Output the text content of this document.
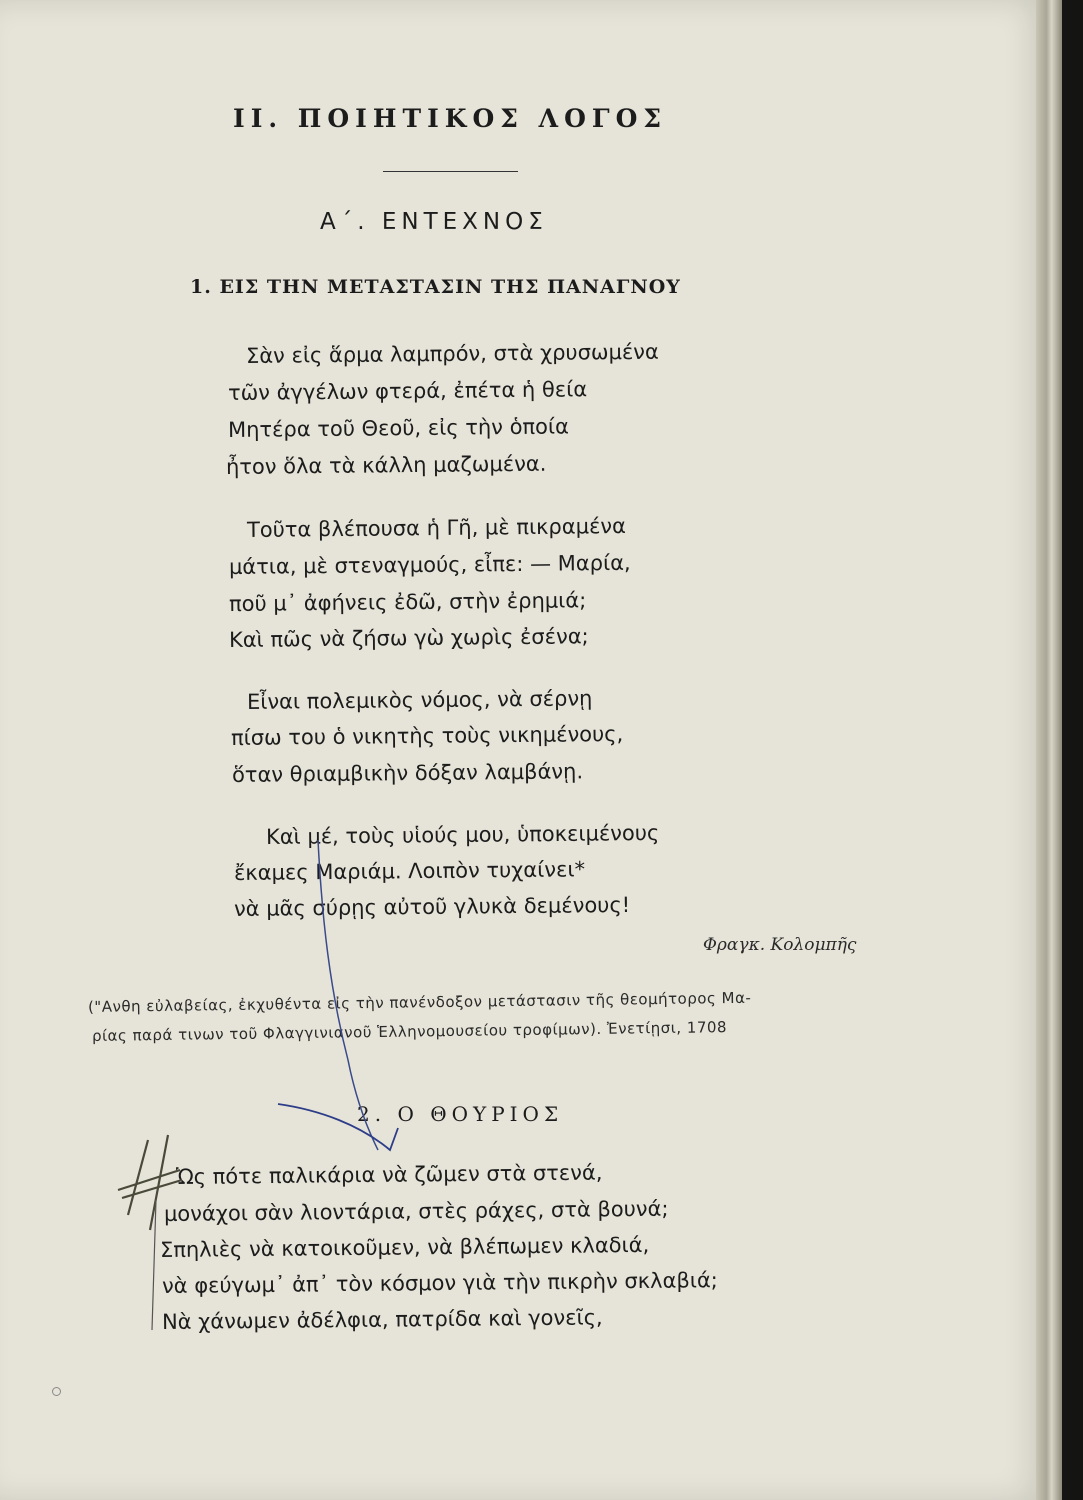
II. ΠΟΙΗΤΙΚΟΣ ΛΟΓΟΣ
Α΄. ΕΝΤΕΧΝΟΣ
1. ΕΙΣ ΤΗΝ ΜΕΤΑΣΤΑΣΙΝ ΤΗΣ ΠΑΝΑΓΝΟΥ
Σὰν εἰς ἅρμα λαμπρόν, στὰ χρυσωμένα
τῶν ἀγγέλων φτερά, ἐπέτα ἡ θεία
Μητέρα τοῦ Θεοῦ, εἰς τὴν ὁποία
ἦτον ὅλα τὰ κάλλη μαζωμένα.
Τοῦτα βλέπουσα ἡ Γῆ, μὲ πικραμένα
μάτια, μὲ στεναγμούς, εἶπε: — Μαρία,
ποῦ μ᾽ ἀφήνεις ἐδῶ, στὴν ἐρημιά;
Καὶ πῶς νὰ ζήσω γὼ χωρὶς ἐσένα;
Εἶναι πολεμικὸς νόμος, νὰ σέρνῃ
πίσω του ὁ νικητὴς τοὺς νικημένους,
ὅταν θριαμβικὴν δόξαν λαμβάνῃ.
Καὶ μέ, τοὺς υἱούς μου, ὑποκειμένους
ἔκαμες Μαριάμ. Λοιπὸν τυχαίνει*
νὰ μᾶς σύρῃς αὐτοῦ γλυκὰ δεμένους!
Φραγκ. Κολομπῆς
("Ανθη εὐλαβείας, ἐκχυθέντα εἰς τὴν πανένδοξον μετάστασιν τῆς θεομήτορος Μα-
ρίας παρά τινων τοῦ Φλαγγινιανοῦ Ἑλληνομουσείου τροφίμων). Ἐνετίῃσι, 1708
2. Ο ΘΟΥΡΙΟΣ
Ὡς πότε παλικάρια νὰ ζῶμεν στὰ στενά,
μονάχοι σὰν λιοντάρια, στὲς ράχες, στὰ βουνά;
Σπηλιὲς νὰ κατοικοῦμεν, νὰ βλέπωμεν κλαδιά,
νὰ φεύγωμ᾽ ἀπ᾽ τὸν κόσμον γιὰ τὴν πικρὴν σκλαβιά;
Νὰ χάνωμεν ἀδέλφια, πατρίδα καὶ γονεῖς,
